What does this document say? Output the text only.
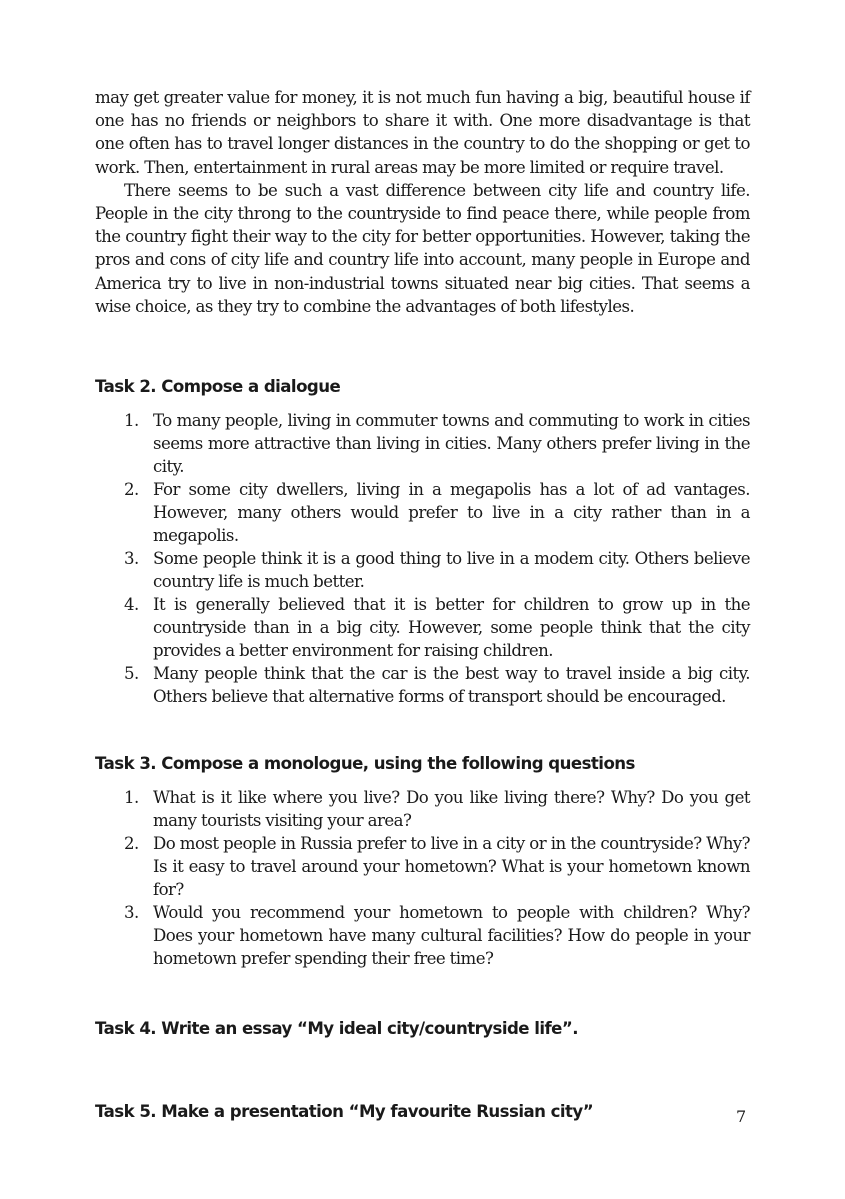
may get greater value for money, it is not much fun having a big, beautiful house if one has no friends or neighbors to share it with. One more disadvantage is that one often has to travel longer distances in the country to do the shopping or get to work. Then, entertainment in rural areas may be more limited or require travel.

There seems to be such a vast difference between city life and country life. People in the city throng to the countryside to find peace there, while people from the country fight their way to the city for better opportunities. However, taking the pros and cons of city life and country life into account, many people in Europe and America try to live in non-industrial towns situated near big cities. That seems a wise choice, as they try to combine the advantages of both lifestyles.

Task 2. Compose a dialogue
1. To many people, living in commuter towns and commuting to work in cities seems more attractive than living in cities. Many others prefer living in the city.
2. For some city dwellers, living in a megapolis has a lot of ad vantages. However, many others would prefer to live in a city rather than in a megapolis.
3. Some people think it is a good thing to live in a modem city. Others believe country life is much better.
4. It is generally believed that it is better for children to grow up in the countryside than in a big city. However, some people think that the city provides a better environment for raising children.
5. Many people think that the car is the best way to travel inside a big city. Others believe that alternative forms of transport should be encouraged.
Task 3. Compose a monologue, using the following questions
1. What is it like where you live? Do you like living there? Why? Do you get many tourists visiting your area?
2. Do most people in Russia prefer to live in a city or in the countryside? Why? Is it easy to travel around your hometown? What is your hometown known for?
3. Would you recommend your hometown to people with children? Why? Does your hometown have many cultural facilities? How do people in your hometown prefer spending their free time?
Task 4. Write an essay “My ideal city/countryside life”.
Task 5. Make a presentation “My favourite Russian city”	7
